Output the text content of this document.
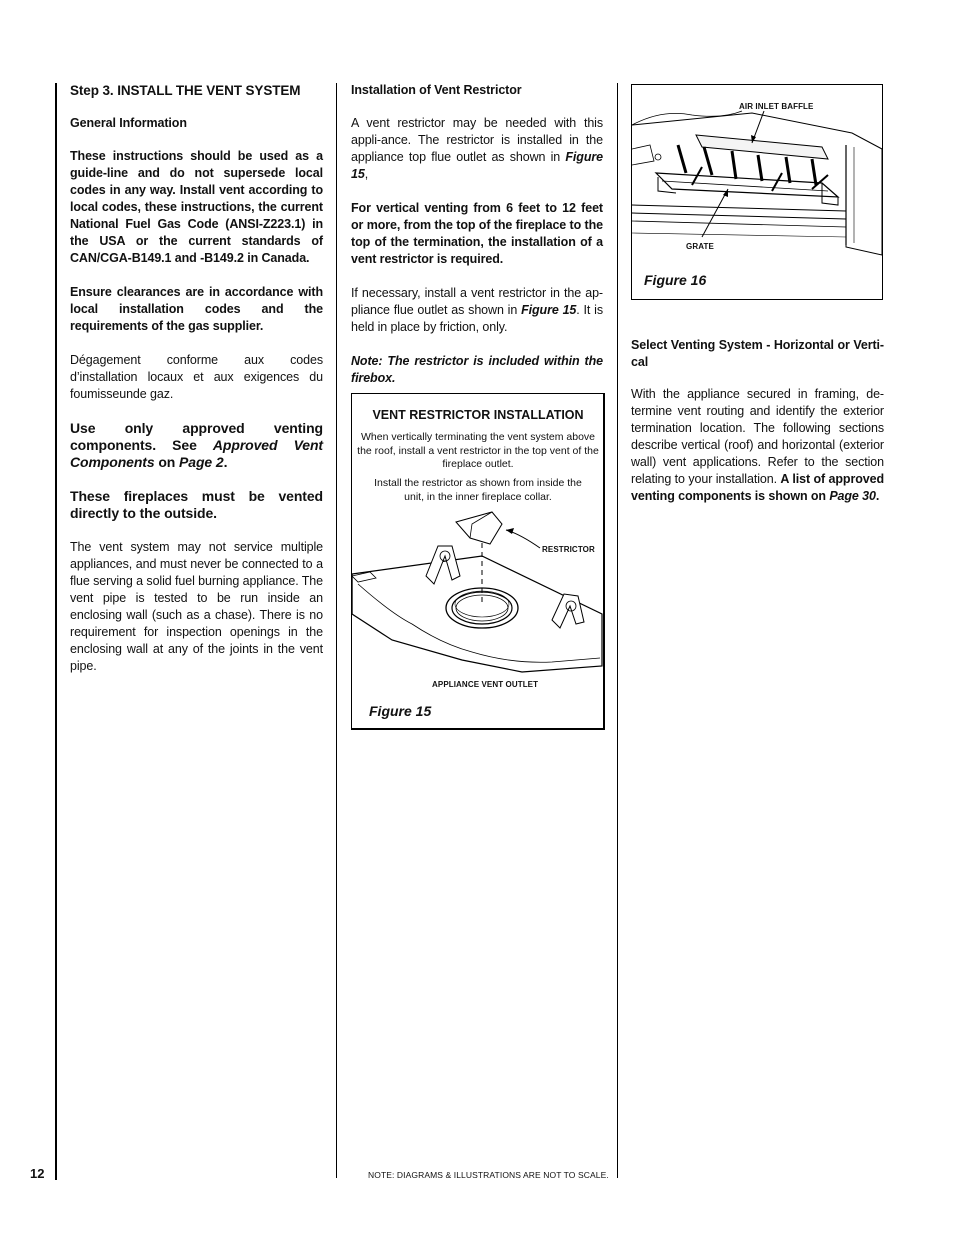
Step 3. INSTALL THE VENT SYSTEM

General Information

These instructions should be used as a guide-line and do not supersede local codes in any way. Install vent according to local codes, these instructions, the current National Fuel Gas Code (ANSI-Z223.1) in the USA or the current standards of CAN/CGA-B149.1 and -B149.2 in Canada.

Ensure clearances are in accordance with local installation codes and the requirements of the gas supplier.

Dégagement conforme aux codes d’installation locaux et aux exigences du foumisseunde gaz.

Use only approved venting components. See Approved Vent Components on Page 2.

These fireplaces must be vented directly to the outside.

The vent system may not service multiple appliances, and must never be connected to a flue serving a solid fuel burning appliance. The vent pipe is tested to be run inside an enclosing wall (such as a chase). There is no requirement for inspection openings in the enclosing wall at any of the joints in the vent pipe.

Installation of Vent Restrictor

A vent restrictor may be needed with this appli-ance. The restrictor is installed in the appliance top flue outlet as shown in Figure 15,

For vertical venting from 6 feet to 12 feet or more, from the top of the fireplace to the top of the termination, the installation of a vent restrictor is required.

If necessary, install a vent restrictor in the ap-pliance flue outlet as shown in Figure 15. It is held in place by friction, only.

Note: The restrictor is included within the firebox.

VENT RESTRICTOR INSTALLATION
When vertically terminating the vent system above the roof, install a vent restrictor in the top vent of the fireplace outlet.
Install the restrictor as shown from inside the unit, in the inner fireplace collar.
RESTRICTOR
APPLIANCE VENT OUTLET
Figure 15
AIR INLET BAFFLE
GRATE
Figure 16

Select Venting System - Horizontal or Verti-cal

With the appliance secured in framing, de-termine vent routing and identify the exterior termination location. The following sections describe vertical (roof) and horizontal (exterior wall) vent applications. Refer to the section relating to your installation. A list of approved venting components is shown on Page 30.

12	NOTE: DIAGRAMS & ILLUSTRATIONS ARE NOT TO SCALE.
